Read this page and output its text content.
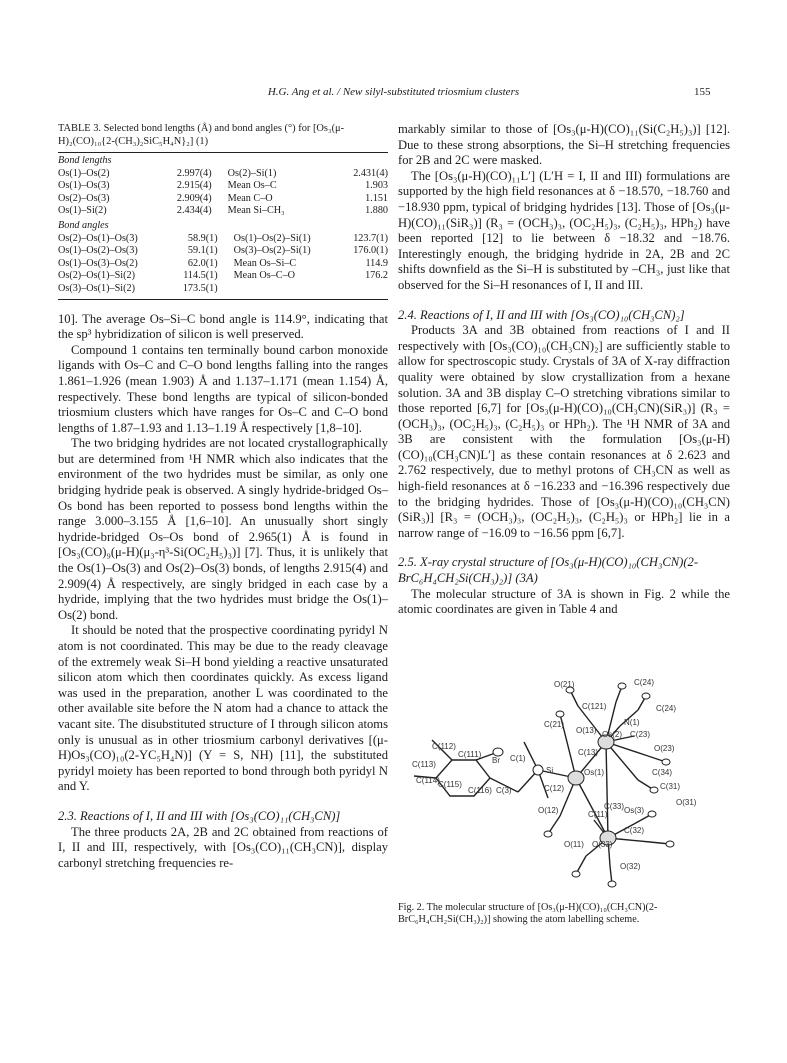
H.G. Ang et al. / New silyl-substituted triosmium clusters	155
TABLE 3. Selected bond lengths (Å) and bond angles (°) for [Os₃(μ-H)₂(CO)₁₀{2-(CH₃)₂SiC₅H₄N}₂] (1)
Bond lengths
Os(1)–Os(2)	2.997(4)	Os(2)–Si(1)	2.431(4)
Os(1)–Os(3)	2.915(4)	Mean Os–C	1.903
Os(2)–Os(3)	2.909(4)	Mean C–O	1.151
Os(1)–Si(2)	2.434(4)	Mean Si–CH₃	1.880
Bond angles
Os(2)–Os(1)–Os(3)	58.9(1)	Os(1)–Os(2)–Si(1)	123.7(1)
Os(1)–Os(2)–Os(3)	59.1(1)	Os(3)–Os(2)–Si(1)	176.0(1)
Os(1)–Os(3)–Os(2)	62.0(1)	Mean Os–Si–C	114.9
Os(2)–Os(1)–Si(2)	114.5(1)	Mean Os–C–O	176.2
Os(3)–Os(1)–Si(2)	173.5(1)		

10]. The average Os–Si–C bond angle is 114.9°, indicating that the sp³ hybridization of silicon is well preserved.

Compound 1 contains ten terminally bound carbon monoxide ligands with Os–C and C–O bond lengths falling into the ranges 1.861–1.926 (mean 1.903) Å and 1.137–1.171 (mean 1.154) Å, respectively. These bond lengths are typical of silicon-bonded triosmium clusters which have ranges for Os–C and C–O bond lengths of 1.87–1.93 and 1.13–1.19 Å respectively [1,8–10].

The two bridging hydrides are not located crystallographically but are determined from ¹H NMR which also indicates that the environment of the two hydrides must be similar, as only one bridging hydride peak is observed. A singly hydride-bridged Os–Os bond has been reported to possess bond lengths within the range 3.000–3.155 Å [1,6–10]. An unusually short singly hydride-bridged Os–Os bond of 2.965(1) Å is found in [Os₃(CO)₉(μ-H)(μ₃-η³-Si(OC₂H₅)₃)] [7]. Thus, it is unlikely that the Os(1)–Os(3) and Os(2)–Os(3) bonds, of lengths 2.915(4) and 2.909(4) Å respectively, are singly bridged in each case by a hydride, implying that the two hydrides must bridge the Os(1)–Os(2) bond.

It should be noted that the prospective coordinating pyridyl N atom is not coordinated. This may be due to the ready cleavage of the extremely weak Si–H bond yielding a reactive unsaturated silicon atom which then coordinates quickly. As excess ligand was used in the preparation, another L was coordinated to the other available site before the N atom had a chance to attack the vacant site. The disubstituted structure of I through silicon atoms only is unusual as in other triosmium carbonyl derivatives [(μ-H)Os₃(CO)₁₀(2-YC₅H₄N)] (Y = S, NH) [11], the substituted pyridyl moiety has been reported to bond through both pyridyl N and Y.

2.3. Reactions of I, II and III with [Os₃(CO)₁₁(CH₃CN)]

The three products 2A, 2B and 2C obtained from reactions of I, II and III, respectively, with [Os₃(CO)₁₁(CH₃CN)], display carbonyl stretching frequencies re-

markably similar to those of [Os₃(μ-H)(CO)₁₁(Si(C₂H₅)₃)] [12]. Due to these strong absorptions, the Si–H stretching frequencies for 2B and 2C were masked.

The [Os₃(μ-H)(CO)₁₁L′] (L′H = I, II and III) formulations are supported by the high field resonances at δ −18.570, −18.760 and −18.930 ppm, typical of bridging hydrides [13]. Those of [Os₃(μ-H)(CO)₁₁(SiR₃)] (R₃ = (OCH₃)₃, (OC₂H₅)₃, (C₂H₅)₃, HPh₂) have been reported [12] to lie between δ −18.32 and −18.76. Interestingly enough, the bridging hydride in 2A, 2B and 2C shifts downfield as the Si–H is substituted by –CH₃, just like that observed for the Si–H resonances of I, II and III.

2.4. Reactions of I, II and III with [Os₃(CO)₁₀(CH₃CN)₂]

Products 3A and 3B obtained from reactions of I and II respectively with [Os₃(CO)₁₀(CH₃CN)₂] are sufficiently stable to allow for spectroscopic study. Crystals of 3A of X-ray diffraction quality were obtained by slow crystallization from a hexane solution. 3A and 3B display C–O stretching vibrations similar to those reported [6,7] for [Os₃(μ-H)(CO)₁₀(CH₃CN)(SiR₃)] (R₃ = (OCH₃)₃, (OC₂H₅)₃, (C₂H₅)₃ or HPh₂). The ¹H NMR of 3A and 3B are consistent with the formulation [Os₃(μ-H)(CO)₁₀(CH₃CN)L′] as these contain resonances at δ 2.623 and 2.762 respectively, due to methyl protons of CH₃CN as well as high-field resonances at δ −16.233 and −16.396 respectively due to the bridging hydrides. Those of [Os₃(μ-H)(CO)₁₀(CH₃CN)(SiR₃)] [R₃ = (OCH₃)₃, (OC₂H₅)₃, (C₂H₅)₃ or HPh₂] lie in a narrow range of −16.09 to −16.56 ppm [6,7].

2.5. X-ray crystal structure of [Os₃(μ-H)(CO)₁₀(CH₃CN)(2-BrC₆H₄CH₂Si(CH₃)₂)] (3A)

The molecular structure of 3A is shown in Fig. 2 while the atomic coordinates are given in Table 4 and

C(24)
O(21)
C(121)	C(24)
N(1)
C(21)
O(13) Os(2) C(23)
C(112)
C(111)
Br C(1)
Si
C(13)	O(23)
C(113)
Os(1)	C(34)
C(114)
C(115)
C(116) C(3)	C(12)	C(31)
O(31)
C(33) Os(3)
O(12)	C(11)
C(32)
O(11) O(33)
O(32)
Fig. 2. The molecular structure of [Os₃(μ-H)(CO)₁₀(CH₃CN)(2-BrC₆H₄CH₂Si(CH₃)₂)] showing the atom labelling scheme.
